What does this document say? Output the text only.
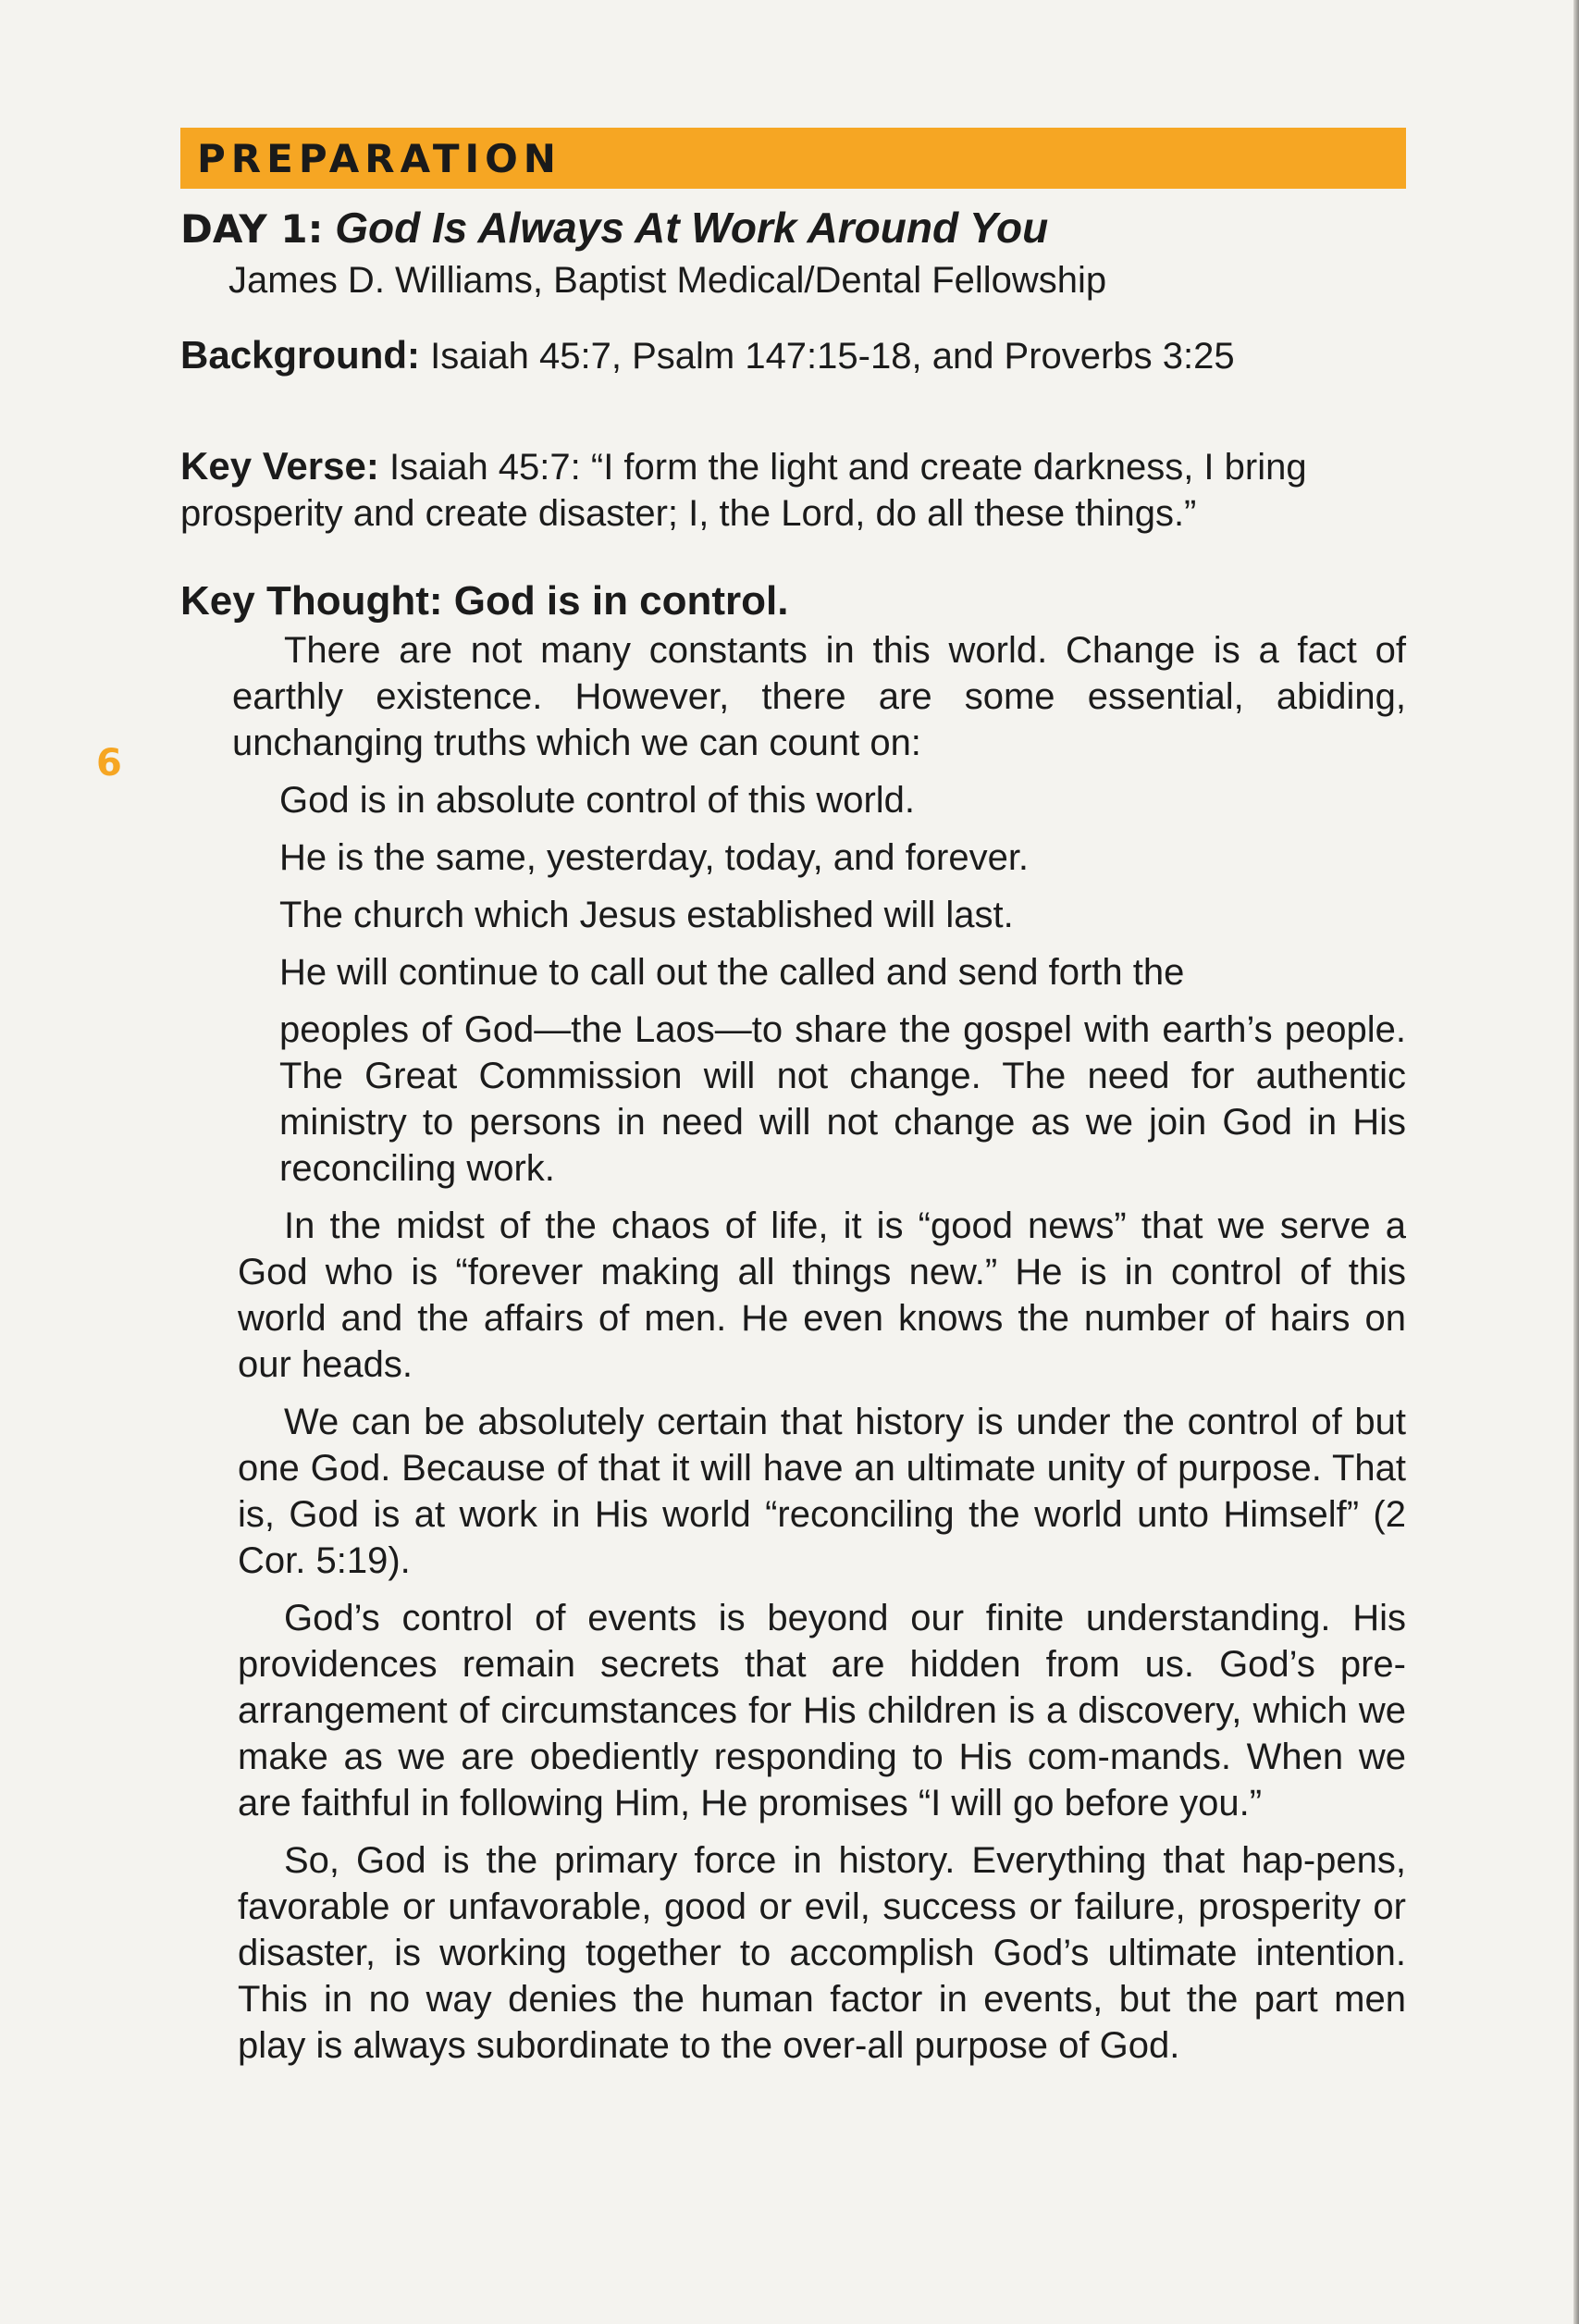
6
PREPARATION
DAY 1: God Is Always At Work Around You
James D. Williams, Baptist Medical/Dental Fellowship
Background: Isaiah 45:7, Psalm 147:15-18, and Proverbs 3:25
Key Verse: Isaiah 45:7: “I form the light and create darkness, I bring prosperity and create disaster; I, the Lord, do all these things.”
Key Thought: God is in control.

There are not many constants in this world. Change is a fact of earthly existence. However, there are some essential, abiding, unchanging truths which we can count on:

God is in absolute control of this world.

He is the same, yesterday, today, and forever.

The church which Jesus established will last.

He will continue to call out the called and send forth the

peoples of God—the Laos—to share the gospel with earth’s people. The Great Commission will not change. The need for authentic ministry to persons in need will not change as we join God in His reconciling work.

In the midst of the chaos of life, it is “good news” that we serve a God who is “forever making all things new.” He is in control of this world and the affairs of men. He even knows the number of hairs on our heads.

We can be absolutely certain that history is under the control of but one God. Because of that it will have an ultimate unity of purpose. That is, God is at work in His world “reconciling the world unto Himself” (2 Cor. 5:19).

God’s control of events is beyond our finite understanding. His providences remain secrets that are hidden from us. God’s pre-arrangement of circumstances for His children is a discovery, which we make as we are obediently responding to His com-mands. When we are faithful in following Him, He promises “I will go before you.”

So, God is the primary force in history. Everything that hap-pens, favorable or unfavorable, good or evil, success or failure, prosperity or disaster, is working together to accomplish God’s ultimate intention. This in no way denies the human factor in events, but the part men play is always subordinate to the over-all purpose of God.
